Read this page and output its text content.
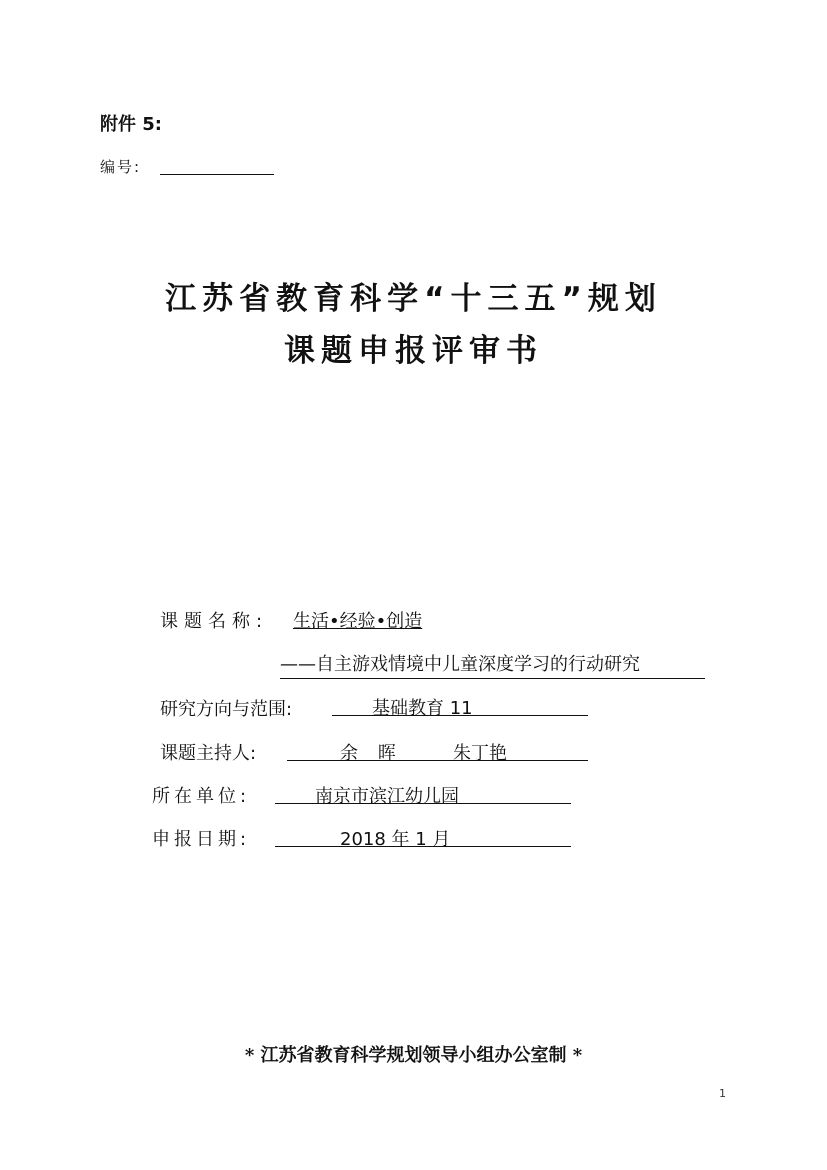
附件 5:
编号:
江苏省教育科学“十三五”规划
课题申报评审书
课题名称: 生活•经验•创造
——自主游戏情境中儿童深度学习的行动研究
研究方向与范围:	基础教育 11
课题主持人:	余 晖	朱丁艳
所在单位:	南京市滨江幼儿园
申报日期:	2018 年 1 月
* 江苏省教育科学规划领导小组办公室制 *
1
